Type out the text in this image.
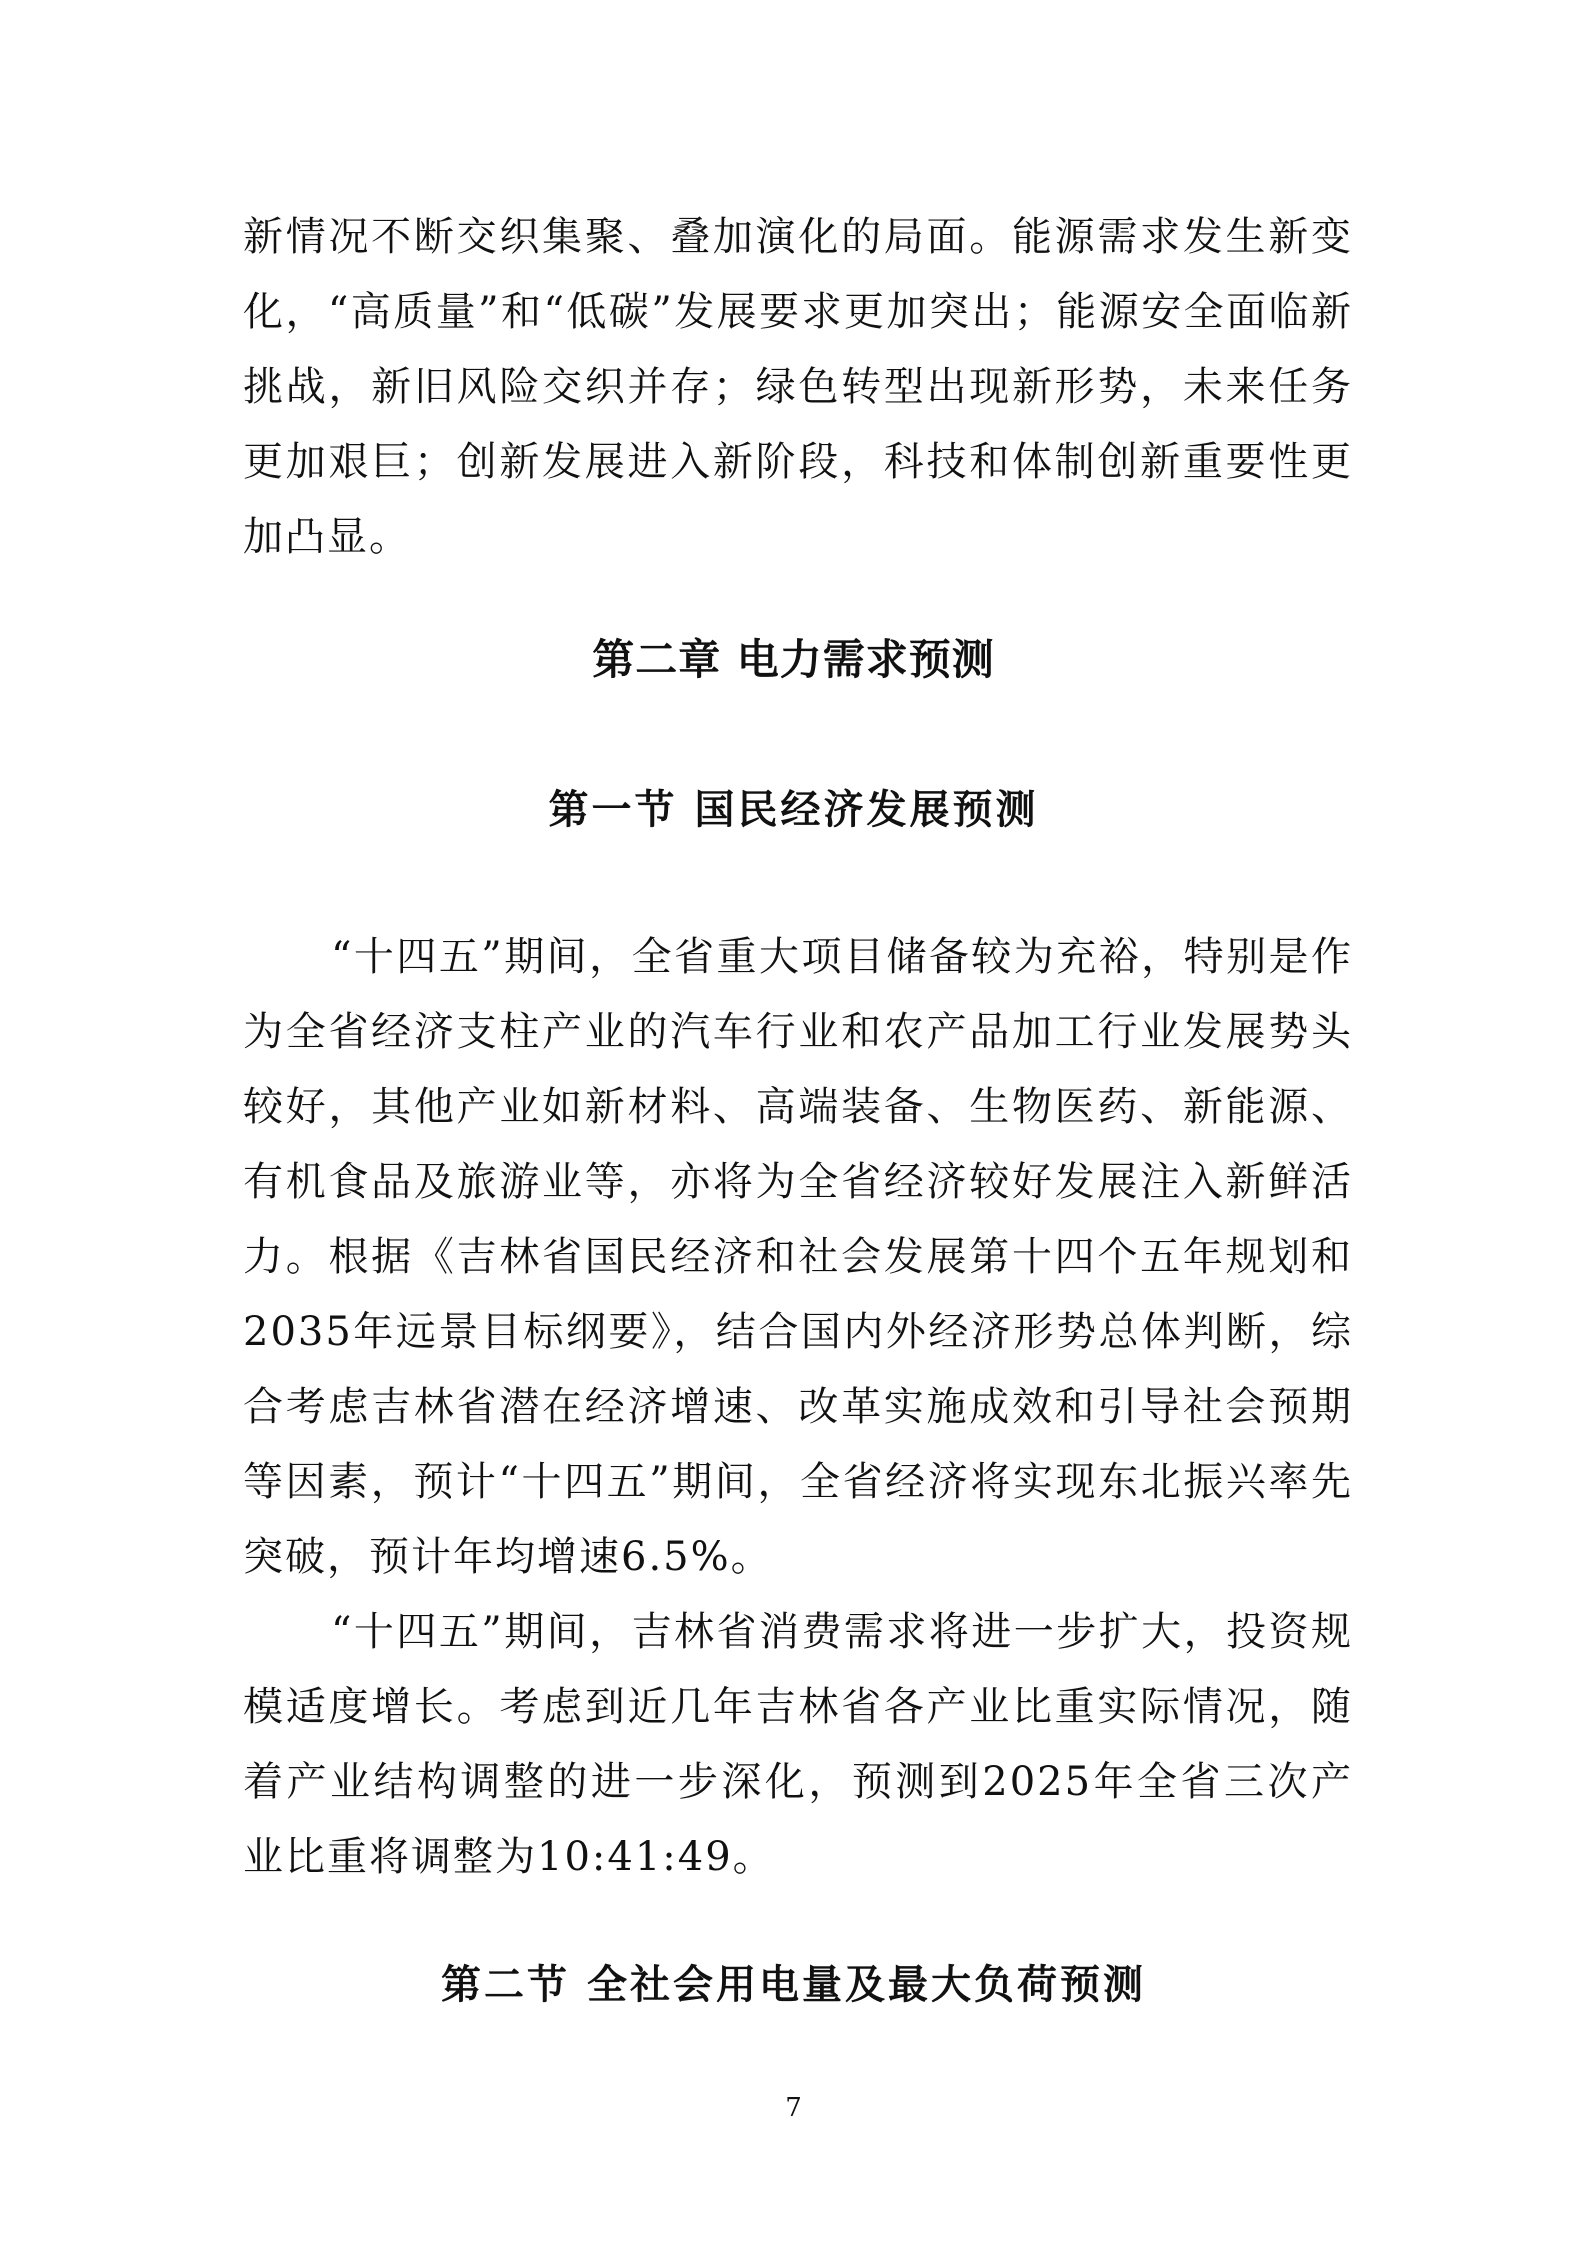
新情况不断交织集聚、叠加演化的局面。能源需求发生新变化，“高质量”和“低碳”发展要求更加突出；能源安全面临新挑战，新旧风险交织并存；绿色转型出现新形势，未来任务更加艰巨；创新发展进入新阶段，科技和体制创新重要性更加凸显。

第二章 电力需求预测
第一节 国民经济发展预测

“十四五”期间，全省重大项目储备较为充裕，特别是作为全省经济支柱产业的汽车行业和农产品加工行业发展势头较好，其他产业如新材料、高端装备、生物医药、新能源、有机食品及旅游业等，亦将为全省经济较好发展注入新鲜活力。根据《吉林省国民经济和社会发展第十四个五年规划和2035年远景目标纲要》，结合国内外经济形势总体判断，综合考虑吉林省潜在经济增速、改革实施成效和引导社会预期等因素，预计“十四五”期间，全省经济将实现东北振兴率先突破，预计年均增速6.5%。

“十四五”期间，吉林省消费需求将进一步扩大，投资规模适度增长。考虑到近几年吉林省各产业比重实际情况，随着产业结构调整的进一步深化，预测到2025年全省三次产业比重将调整为10:41:49。

第二节 全社会用电量及最大负荷预测

7
